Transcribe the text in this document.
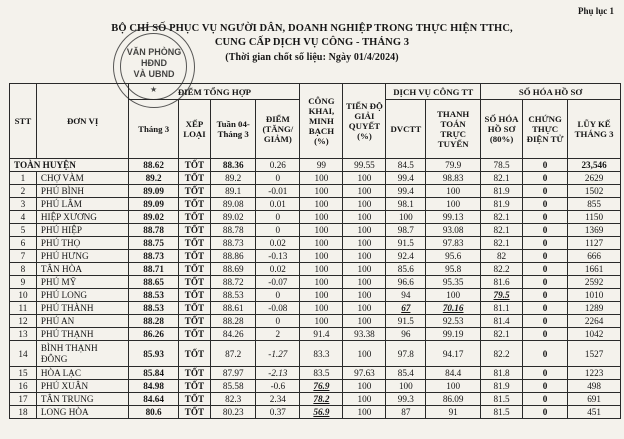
Phụ lục 1
BỘ CHỈ SỐ PHỤC VỤ NGƯỜI DÂN, DOANH NGHIỆP TRONG THỰC HIỆN TTHC,
CUNG CẤP DỊCH VỤ CÔNG - THÁNG 3
(Thời gian chốt số liệu: Ngày 01/4/2024)
VĂN PHÒNG
HĐND
VÀ UBND
★
STT	ĐƠN VỊ	ĐIỂM TỔNG HỢP				CÔNG KHAI, MINH BẠCH (%)	TIẾN ĐỘ GIẢI QUYẾT (%)	DỊCH VỤ CÔNG TT		SỐ HÓA HỒ SƠ		
		Tháng 3	XẾP LOẠI	Tuần 04-Tháng 3	ĐIỂM (TĂNG/ GIẢM)			DVCTT	THANH TOÁN TRỰC TUYẾN	SỐ HÓA HỒ SƠ (80%)	CHỨNG THỰC ĐIỆN TỬ	LŨY KẾ THÁNG 3
TOÀN HUYỆN		88.62	TỐT	88.36	0.26	99	99.55	84.5	79.9	78.5	0	23,546
1	CHỢ VÀM	89.2	TỐT	89.2	0	100	100	99.4	98.83	82.1	0	2629
2	PHÚ BÌNH	89.09	TỐT	89.1	-0.01	100	100	99.4	100	81.9	0	1502
3	PHÚ LÂM	89.09	TỐT	89.08	0.01	100	100	98.1	100	81.9	0	855
4	HIỆP XƯƠNG	89.02	TỐT	89.02	0	100	100	100	99.13	82.1	0	1150
5	PHÚ HIỆP	88.78	TỐT	88.78	0	100	100	98.7	93.08	82.1	0	1369
6	PHÚ THỌ	88.75	TỐT	88.73	0.02	100	100	91.5	97.83	82.1	0	1127
7	PHÚ HƯNG	88.73	TỐT	88.86	-0.13	100	100	92.4	95.6	82	0	666
8	TÂN HÒA	88.71	TỐT	88.69	0.02	100	100	85.6	95.8	82.2	0	1661
9	PHÚ MỸ	88.65	TỐT	88.72	-0.07	100	100	96.6	95.35	81.6	0	2592
10	PHÚ LONG	88.53	TỐT	88.53	0	100	100	94	100	79.5	0	1010
11	PHÚ THÀNH	88.53	TỐT	88.61	-0.08	100	100	67	70.16	81.1	0	1289
12	PHÚ AN	88.28	TỐT	88.28	0	100	100	91.5	92.53	81.4	0	2264
13	PHÚ THẠNH	86.26	TỐT	84.26	2	91.4	93.38	96	99.19	82.1	0	1042
14	BÌNH THẠNH ĐÔNG	85.93	TỐT	87.2	-1.27	83.3	100	97.8	94.17	82.2	0	1527
15	HÒA LẠC	85.84	TỐT	87.97	-2.13	83.5	97.63	85.4	84.4	81.8	0	1223
16	PHÚ XUÂN	84.98	TỐT	85.58	-0.6	76.9	100	100	100	81.9	0	498
17	TÂN TRUNG	84.64	TỐT	82.3	2.34	78.2	100	99.3	86.09	81.5	0	691
18	LONG HÒA	80.6	TỐT	80.23	0.37	56.9	100	87	91	81.5	0	451
